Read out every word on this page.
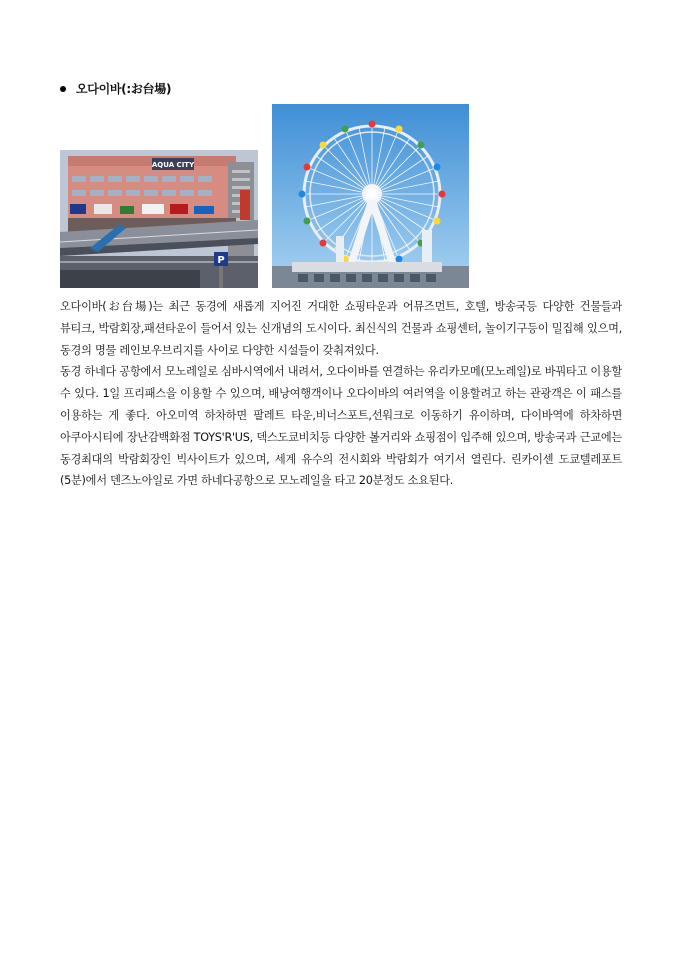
오다이바(:お台場)
AQUA CITY
P

오다이바(お台場)는 최근 동경에 새롭게 지어진 거대한 쇼핑타운과 어뮤즈먼트, 호텔, 방송국등 다양한 건물들과 뷰티크, 박람회장,패션타운이 들어서 있는 신개념의 도시이다. 최신식의 건물과 쇼핑센터, 놀이기구등이 밀집해 있으며, 동경의 명물 레인보우브리지를 사이로 다양한 시설들이 갖춰져있다.

동경 하네다 공항에서 모노레일로 심바시역에서 내려서, 오다이바를 연결하는 유리카모메(모노레일)로 바꿔타고 이용할 수 있다. 1일 프리패스을 이용할 수 있으며, 배낭여행객이나 오다이바의 여러역을 이용할려고 하는 관광객은 이 패스를 이용하는 게 좋다. 아오미역 하차하면 팔레트 타운,비너스포트,선워크로 이동하기 유이하며, 다이바역에 하차하면 아쿠아시티에 장난감백화점 TOYS'R'US, 덱스도쿄비치등 다양한 볼거리와 쇼핑점이 입주해 있으며, 방송국과 근교에는 동경최대의 박람회장인 빅사이트가 있으며, 세계 유수의 전시회와 박람회가 여기서 열린다. 린카이센 도쿄텔레포트(5분)에서 덴즈노아일로 가면 하네다공항으로 모노레일을 타고 20분정도 소요된다.
